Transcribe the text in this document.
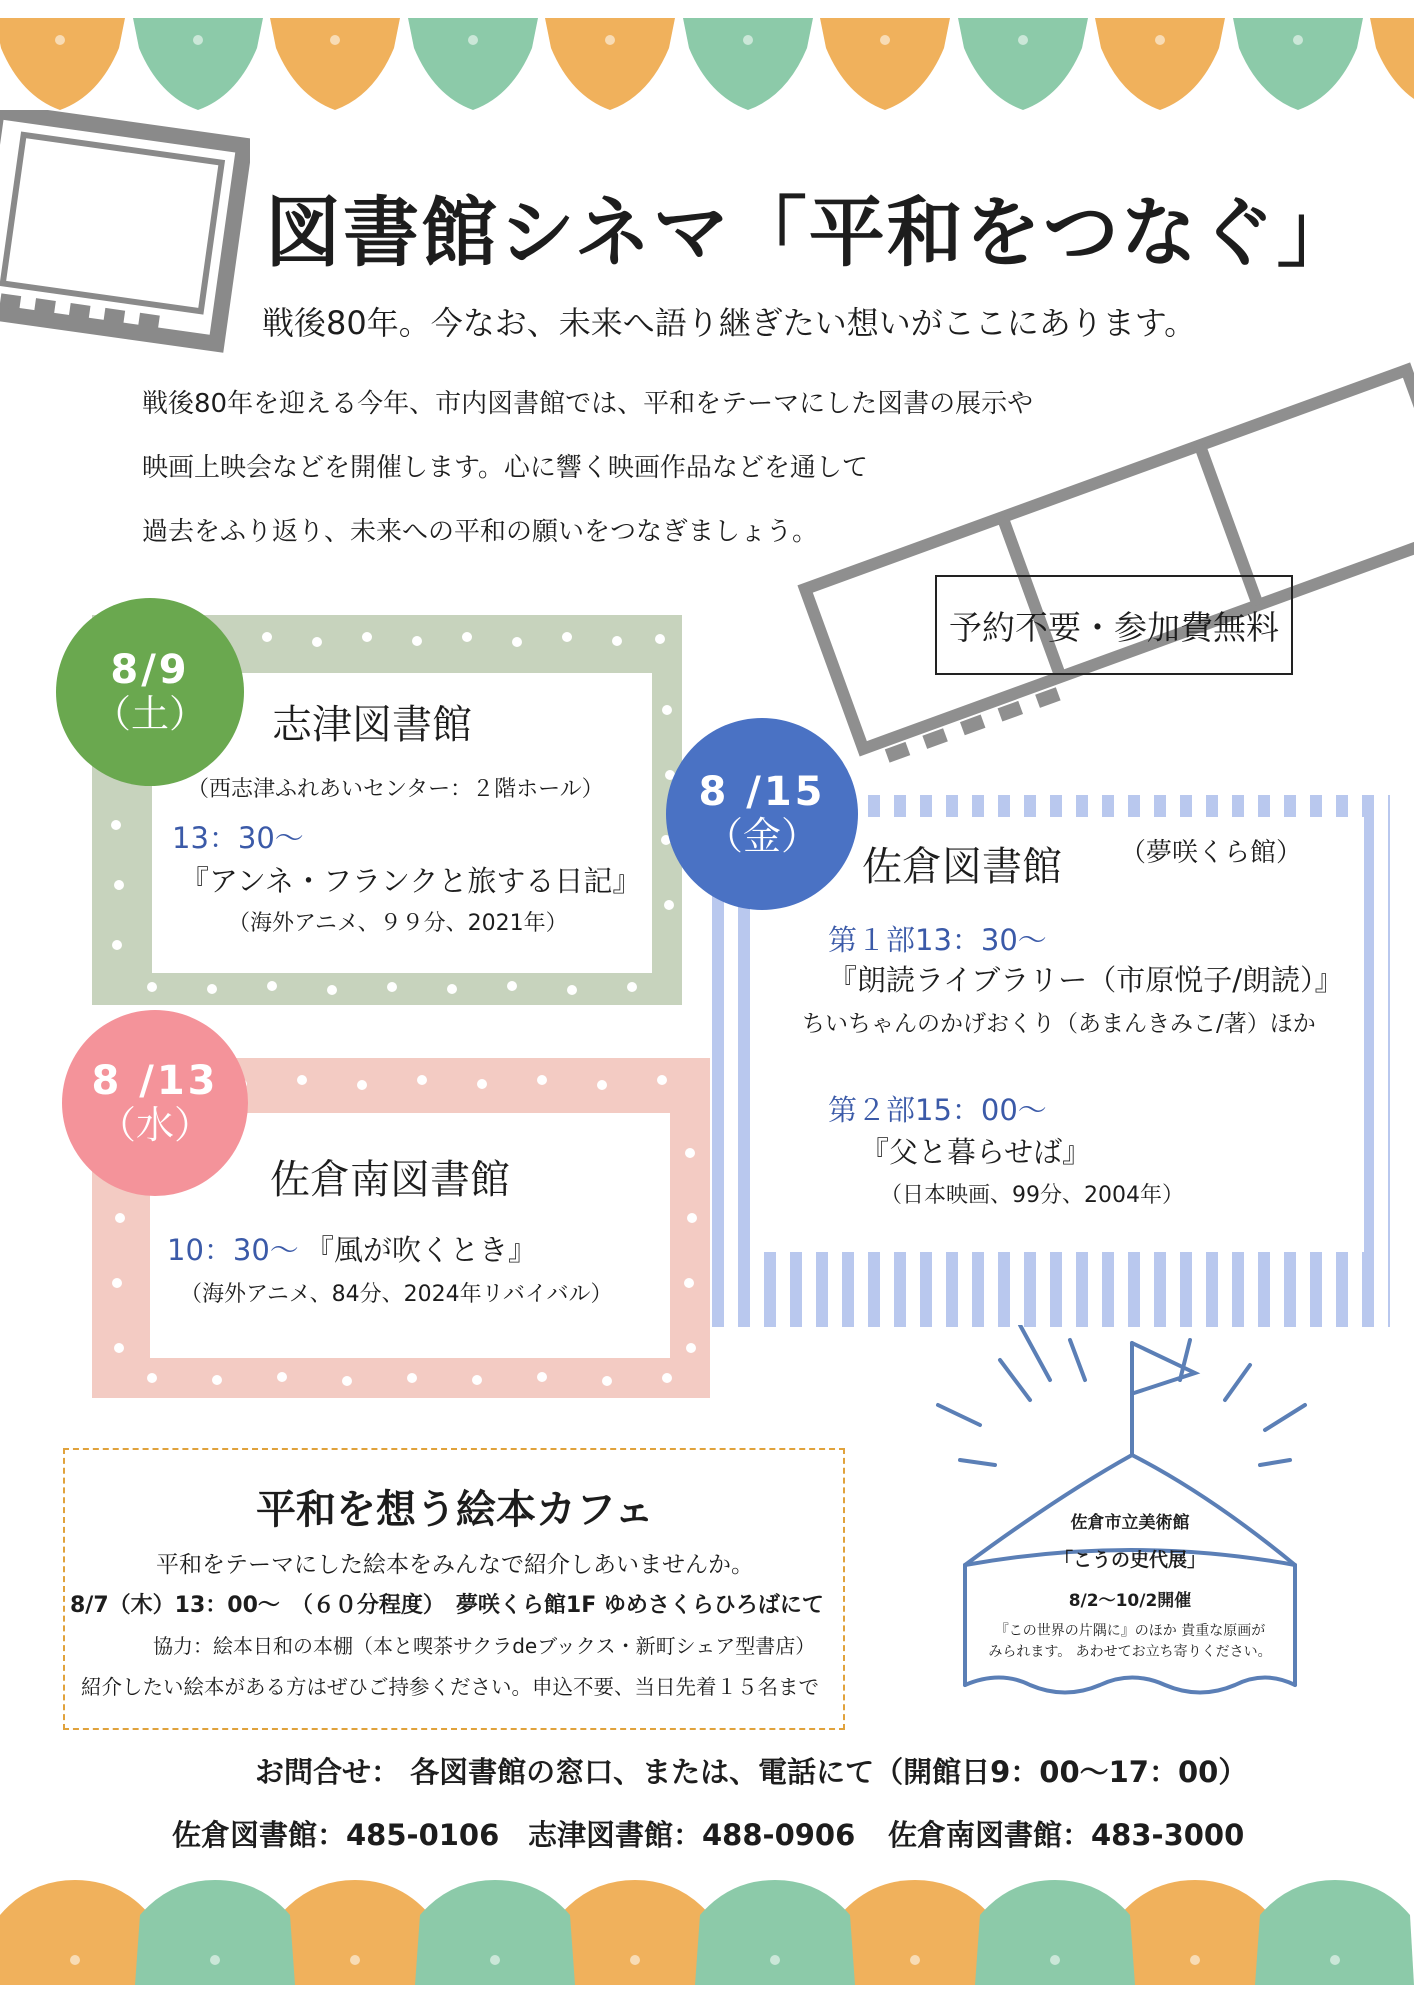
図書館シネマ「平和をつなぐ」
戦後80年。今なお、未来へ語り継ぎたい想いがここにあります。
戦後80年を迎える今年、市内図書館では、平和をテーマにした図書の展示や
映画上映会などを開催します。心に響く映画作品などを通して
過去をふり返り、未来への平和の願いをつなぎましょう。
予約不要・参加費無料
8/9
（土）
8 /13
（水）
8 /15
（金）
志津図書館
（西志津ふれあいセンター：２階ホール）
13：30～
『アンネ・フランクと旅する日記』
（海外アニメ、９９分、2021年）
佐倉南図書館
10：30～ 『風が吹くとき』
（海外アニメ、84分、2024年リバイバル）
佐倉図書館 （夢咲くら館）
第１部13：30～
『朗読ライブラリー（市原悦子/朗読）』
ちいちゃんのかげおくり（あまんきみこ/著）ほか
第２部15：00～
『父と暮らせば』
（日本映画、99分、2004年）
平和を想う絵本カフェ
平和をテーマにした絵本をみんなで紹介しあいませんか。
8/7（木）13：00～　（６０分程度）　夢咲くら館1F ゆめさくらひろばにて
協力：絵本日和の本棚（本と喫茶サクラdeブックス・新町シェア型書店）
紹介したい絵本がある方はぜひご持参ください。申込不要、当日先着１５名まで
佐倉市立美術館
「こうの史代展」
8/2～10/2開催
『この世界の片隅に』のほか 貴重な原画が
みられます。 あわせてお立ち寄りください。
お問合せ： 各図書館の窓口、または、電話にて（開館日9：00～17：00）
佐倉図書館：485-0106 志津図書館：488-0906 佐倉南図書館：483-3000
